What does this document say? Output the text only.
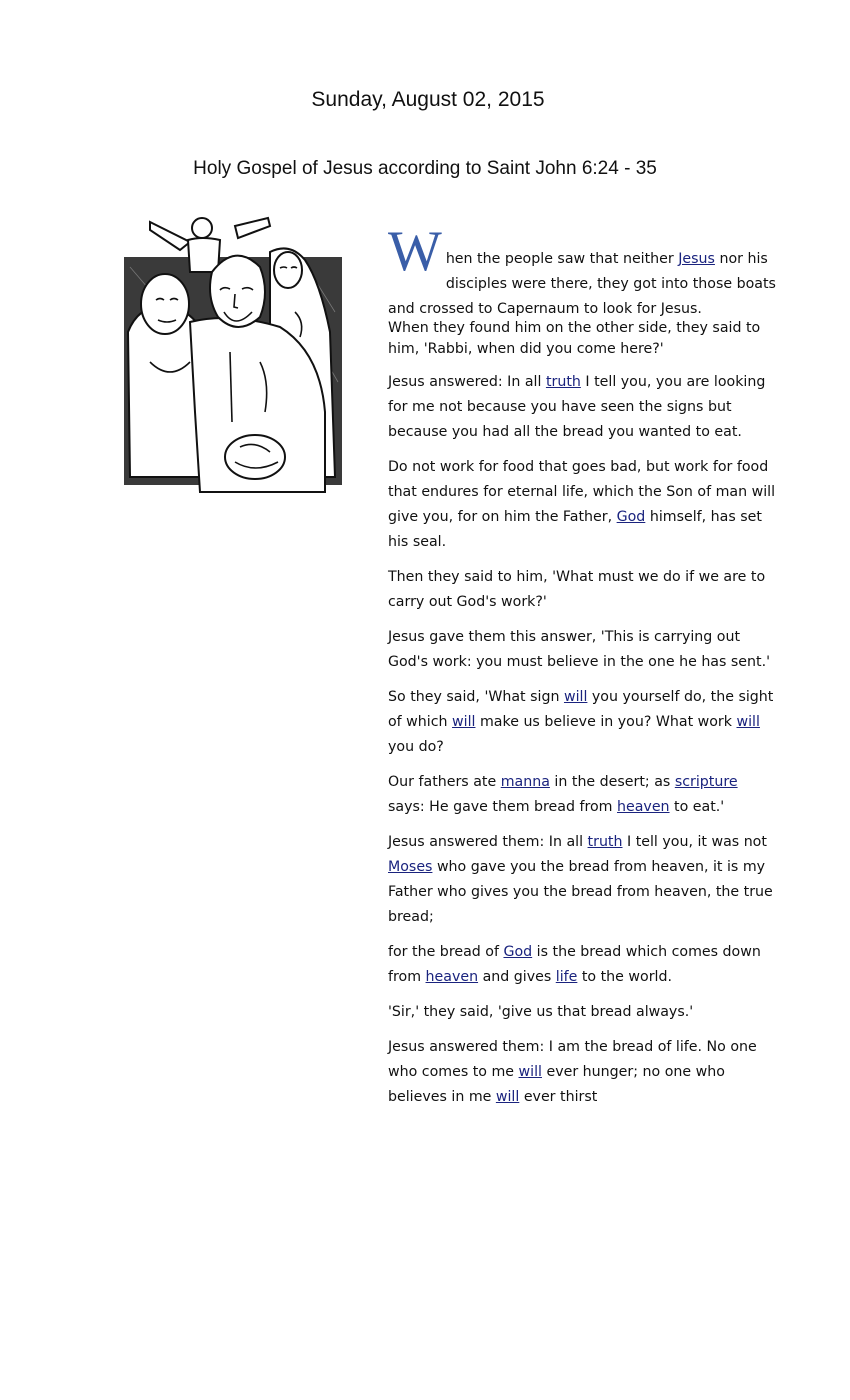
Sunday, August 02, 2015
Holy Gospel of Jesus according to Saint John 6:24 - 35

W hen the people saw that neither Jesus nor his disciples were there, they got into those boats and crossed to Capernaum to look for Jesus.

When they found him on the other side, they said to him, 'Rabbi, when did you come here?'

Jesus answered: In all truth I tell you, you are looking for me not because you have seen the signs but because you had all the bread you wanted to eat.

Do not work for food that goes bad, but work for food that endures for eternal life, which the Son of man will give you, for on him the Father, God himself, has set his seal.

Then they said to him, 'What must we do if we are to carry out God's work?'

Jesus gave them this answer, 'This is carrying out God's work: you must believe in the one he has sent.'

So they said, 'What sign will you yourself do, the sight of which will make us believe in you? What work will you do?

Our fathers ate manna in the desert; as scripture says: He gave them bread from heaven to eat.'

Jesus answered them: In all truth I tell you, it was not Moses who gave you the bread from heaven, it is my Father who gives you the bread from heaven, the true bread;

for the bread of God is the bread which comes down from heaven and gives life to the world.

'Sir,' they said, 'give us that bread always.'

Jesus answered them: I am the bread of life. No one who comes to me will ever hunger; no one who believes in me will ever thirst
